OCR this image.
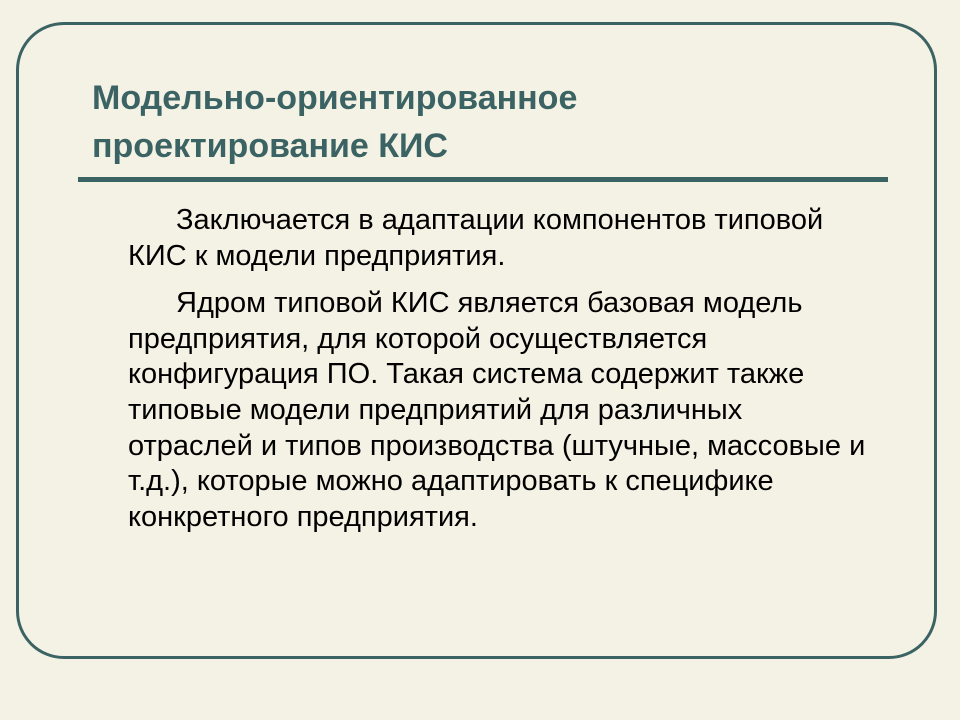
Модельно-ориентированное
проектирование КИС

Заключается в адаптации компонентов типовой КИС к модели предприятия.

Ядром типовой КИС является базовая модель предприятия, для которой осуществляется конфигурация ПО. Такая система содержит также типовые модели предприятий для различных отраслей и типов производства (штучные, массовые и т.д.), которые можно адаптировать к специфике конкретного предприятия.
